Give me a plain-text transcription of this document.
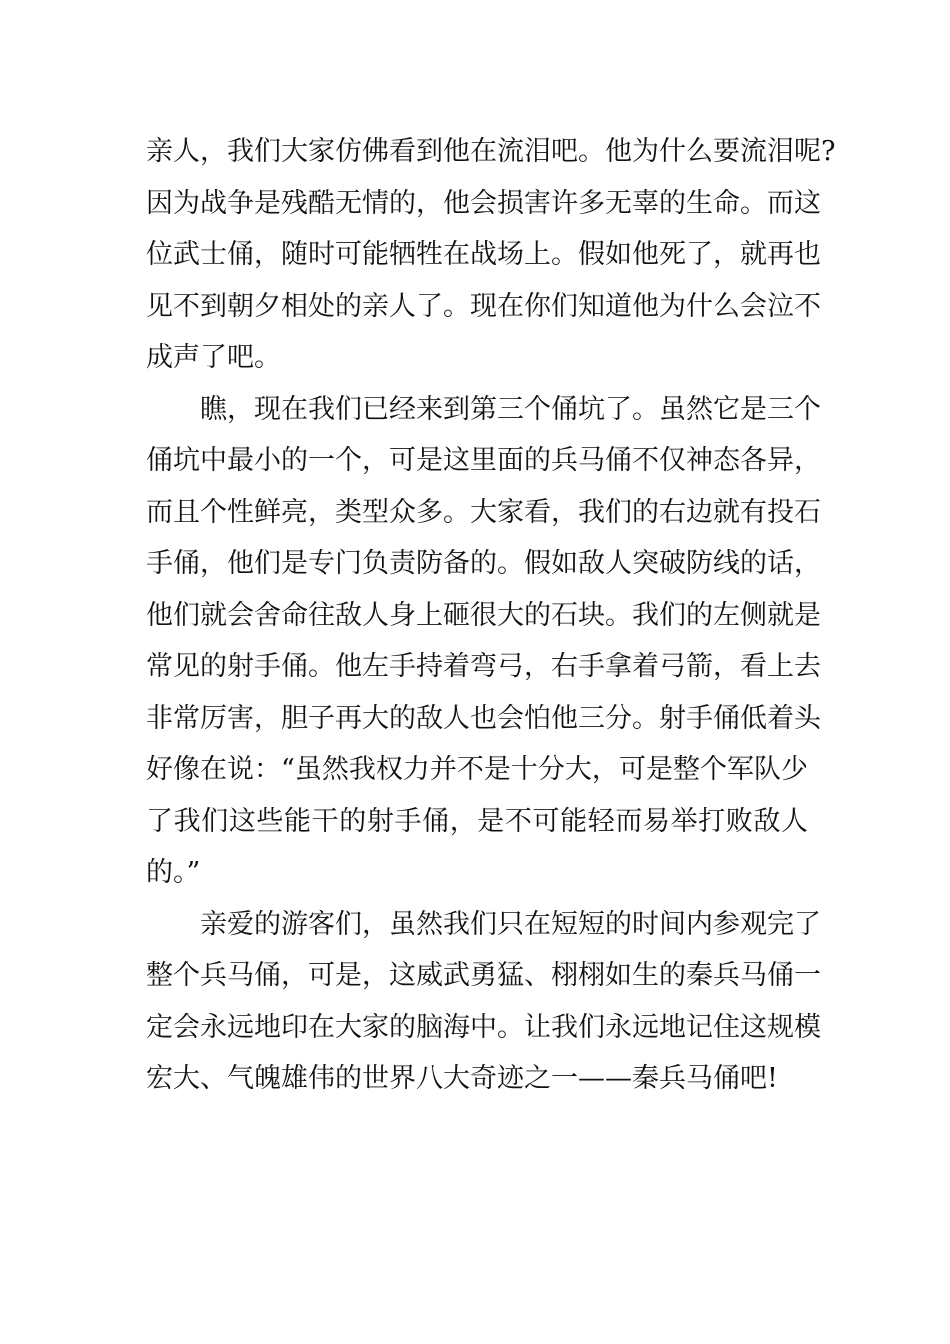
亲人，我们大家仿佛看到他在流泪吧。他为什么要流泪呢?
因为战争是残酷无情的，他会损害许多无辜的生命。而这
位武士俑，随时可能牺牲在战场上。假如他死了，就再也
见不到朝夕相处的亲人了。现在你们知道他为什么会泣不
成声了吧。
　　瞧，现在我们已经来到第三个俑坑了。虽然它是三个
俑坑中最小的一个，可是这里面的兵马俑不仅神态各异，
而且个性鲜亮，类型众多。大家看，我们的右边就有投石
手俑，他们是专门负责防备的。假如敌人突破防线的话，
他们就会舍命往敌人身上砸很大的石块。我们的左侧就是
常见的射手俑。他左手持着弯弓，右手拿着弓箭，看上去
非常厉害，胆子再大的敌人也会怕他三分。射手俑低着头
好像在说：“虽然我权力并不是十分大，可是整个军队少
了我们这些能干的射手俑，是不可能轻而易举打败敌人
的。”
　　亲爱的游客们，虽然我们只在短短的时间内参观完了
整个兵马俑，可是，这威武勇猛、栩栩如生的秦兵马俑一
定会永远地印在大家的脑海中。让我们永远地记住这规模
宏大、气魄雄伟的世界八大奇迹之一——秦兵马俑吧!
